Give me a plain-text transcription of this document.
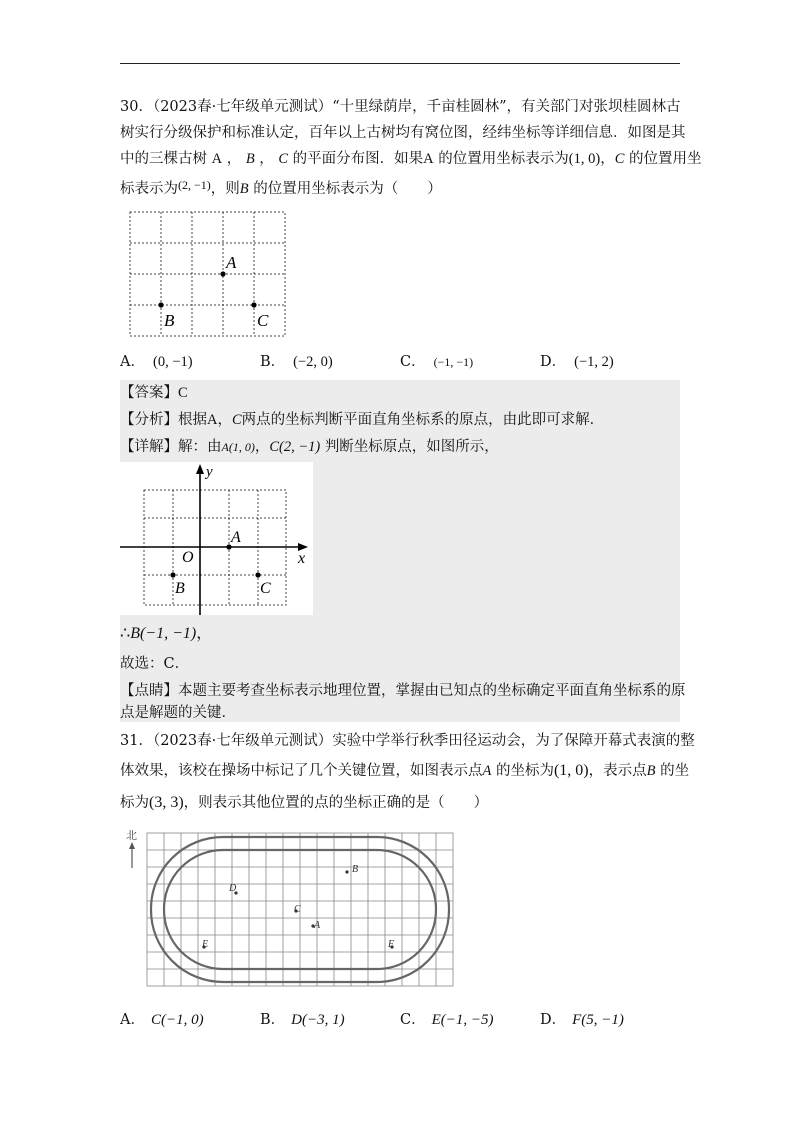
30．（2023春·七年级单元测试）“十里绿荫岸，千亩桂圆林”，有关部门对张坝桂圆林古
树实行分级保护和标准认定，百年以上古树均有窝位图，经纬坐标等详细信息．如图是其
中的三棵古树 A ， B ， C 的平面分布图．如果A 的位置用坐标表示为(1, 0)，C 的位置用坐
标表示为$^{(2, -1)}$，则B 的位置用坐标表示为（　　）
A
B	C
A． (0, −1)	B． (−2, 0)	C． (−1, −1)	D． (−1, 2)
【答案】C
【分析】根据A，C两点的坐标判断平面直角坐标系的原点，由此即可求解．
【详解】解：由A(1, 0)，C(2, −1) 判断坐标原点，如图所示，
y
x
O
A
B	C
∴B(−1, −1)，
故选：C．
【点睛】本题主要考查坐标表示地理位置，掌握由已知点的坐标确定平面直角坐标系的原
点是解题的关键．
31．（2023春·七年级单元测试）实验中学举行秋季田径运动会，为了保障开幕式表演的整
体效果，该校在操场中标记了几个关键位置，如图表示点A 的坐标为(1, 0)，表示点B 的坐
标为(3, 3)，则表示其他位置的点的坐标正确的是（　　）
北
B
D
C
A
E	F
A． C(−1, 0)	B． D(−3, 1)	C． E(−1, −5)	D． F(5, −1)
